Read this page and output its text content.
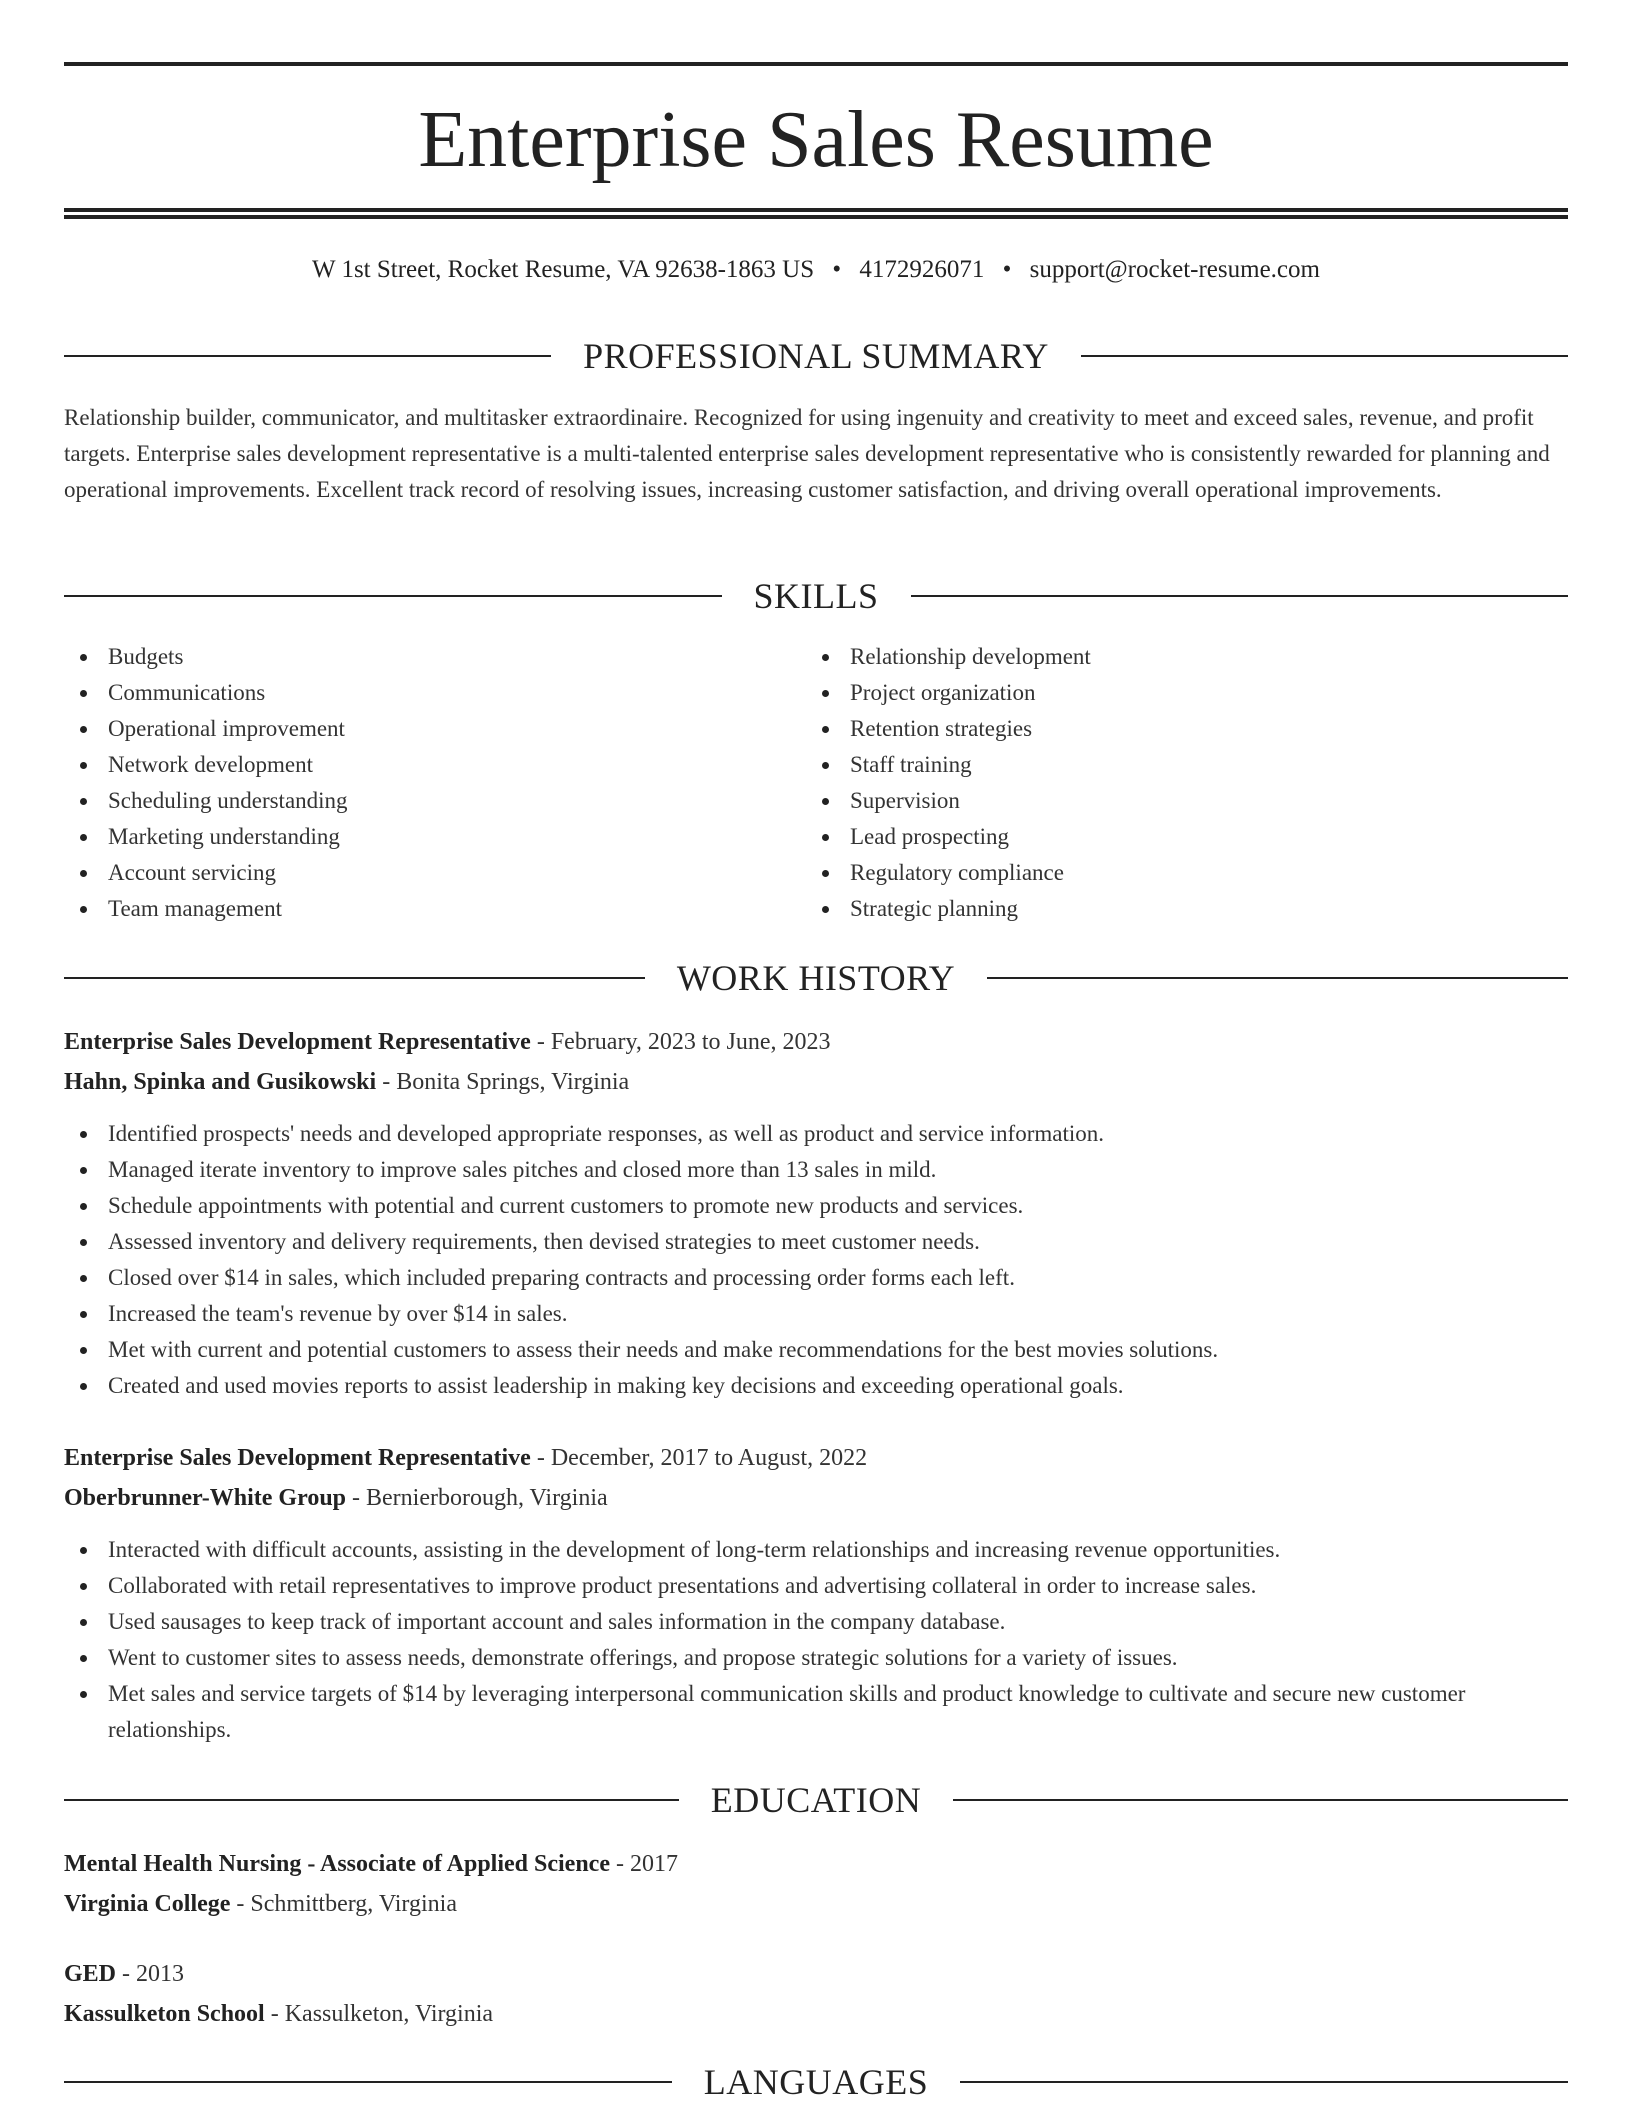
Enterprise Sales Resume
W 1st Street, Rocket Resume, VA 92638-1863 US • 4172926071 • support@rocket-resume.com
PROFESSIONAL SUMMARY

Relationship builder, communicator, and multitasker extraordinaire. Recognized for using ingenuity and creativity to meet and exceed sales, revenue, and profit targets. Enterprise sales development representative is a multi-talented enterprise sales development representative who is consistently rewarded for planning and operational improvements. Excellent track record of resolving issues, increasing customer satisfaction, and driving overall operational improvements.

SKILLS
Budgets
Communications
Operational improvement
Network development
Scheduling understanding
Marketing understanding
Account servicing
Team management
Relationship development
Project organization
Retention strategies
Staff training
Supervision
Lead prospecting
Regulatory compliance
Strategic planning
WORK HISTORY
Enterprise Sales Development Representative - February, 2023 to June, 2023
Hahn, Spinka and Gusikowski - Bonita Springs, Virginia
Identified prospects' needs and developed appropriate responses, as well as product and service information.
Managed iterate inventory to improve sales pitches and closed more than 13 sales in mild.
Schedule appointments with potential and current customers to promote new products and services.
Assessed inventory and delivery requirements, then devised strategies to meet customer needs.
Closed over $14 in sales, which included preparing contracts and processing order forms each left.
Increased the team's revenue by over $14 in sales.
Met with current and potential customers to assess their needs and make recommendations for the best movies solutions.
Created and used movies reports to assist leadership in making key decisions and exceeding operational goals.
Enterprise Sales Development Representative - December, 2017 to August, 2022
Oberbrunner-White Group - Bernierborough, Virginia
Interacted with difficult accounts, assisting in the development of long-term relationships and increasing revenue opportunities.
Collaborated with retail representatives to improve product presentations and advertising collateral in order to increase sales.
Used sausages to keep track of important account and sales information in the company database.
Went to customer sites to assess needs, demonstrate offerings, and propose strategic solutions for a variety of issues.
Met sales and service targets of $14 by leveraging interpersonal communication skills and product knowledge to cultivate and secure new customer relationships.
EDUCATION
Mental Health Nursing - Associate of Applied Science - 2017
Virginia College - Schmittberg, Virginia
GED - 2013
Kassulketon School - Kassulketon, Virginia
LANGUAGES
